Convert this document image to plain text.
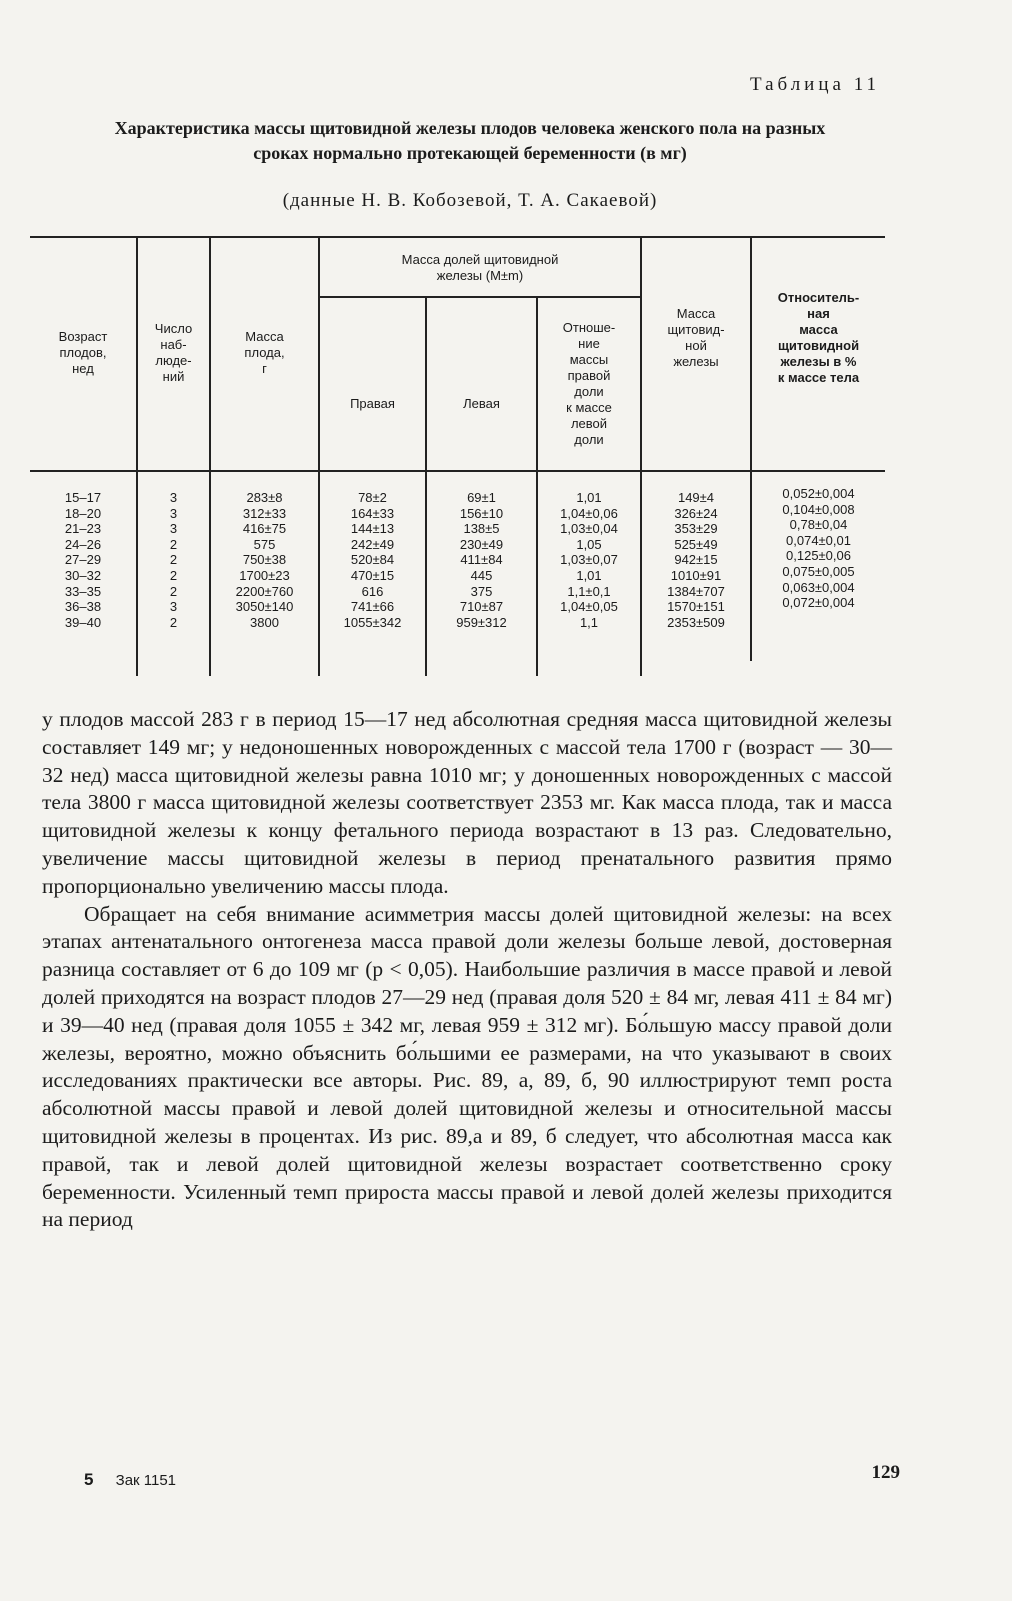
Таблица 11
Характеристика массы щитовидной железы плодов человека женского пола на разных сроках нормально протекающей беременности (в мг)
(данные Н. В. Кобозевой, Т. А. Сакаевой)
Возраст
плодов,
нед
Число
наб-
люде-
ний
Масса
плода,
г
Масса долей щитовидной
железы (M±m)
Правая	Левая
Отноше-
ние
массы
правой
доли
к массе
левой
доли
Масса
щитовид-
ной
железы
Относитель-
ная
масса
щитовидной
железы в %
к массе тела
15–17
18–20
21–23
24–26
27–29
30–32
33–35
36–38
39–40
3
3
3
2
2
2
2
3
2
283±8
312±33
416±75
575
750±38
1700±23
2200±760
3050±140
3800
78±2
164±33
144±13
242±49
520±84
470±15
616
741±66
1055±342
69±1
156±10
138±5
230±49
411±84
445
375
710±87
959±312
1,01
1,04±0,06
1,03±0,04
1,05
1,03±0,07
1,01
1,1±0,1
1,04±0,05
1,1
149±4
326±24
353±29
525±49
942±15
1010±91
1384±707
1570±151
2353±509
0,052±0,004
0,104±0,008
0,78±0,04
0,074±0,01
0,125±0,06
0,075±0,005
0,063±0,004
0,072±0,004

у плодов массой 283 г в период 15—17 нед абсолютная средняя масса щитовидной железы составляет 149 мг; у недоношенных новорожденных с массой тела 1700 г (возраст — 30—32 нед) масса щитовидной железы равна 1010 мг; у доношенных новорожденных с массой тела 3800 г масса щитовидной железы соответствует 2353 мг. Как масса плода, так и масса щитовидной железы к концу фетального периода возрастают в 13 раз. Следовательно, увеличение массы щитовидной железы в период пренатального развития прямо пропорционально увеличению массы плода.

Обращает на себя внимание асимметрия массы долей щитовидной железы: на всех этапах антенатального онтогенеза масса правой доли железы больше левой, достоверная разница составляет от 6 до 109 мг (p < 0,05). Наибольшие различия в массе правой и левой долей приходятся на возраст плодов 27—29 нед (правая доля 520 ± 84 мг, левая 411 ± 84 мг) и 39—40 нед (правая доля 1055 ± 342 мг, левая 959 ± 312 мг). Бо́льшую массу правой доли железы, вероятно, можно объяснить бо́льшими ее размерами, на что указывают в своих исследованиях практически все авторы. Рис. 89, а, 89, б, 90 иллюстрируют темп роста абсолютной массы правой и левой долей щитовидной железы и относительной массы щитовидной железы в процентах. Из рис. 89,а и 89, б следует, что абсолютная масса как правой, так и левой долей щитовидной железы возрастает соответственно сроку беременности. Усиленный темп прироста массы правой и левой долей железы приходится на период

5 Зак 1151	129
